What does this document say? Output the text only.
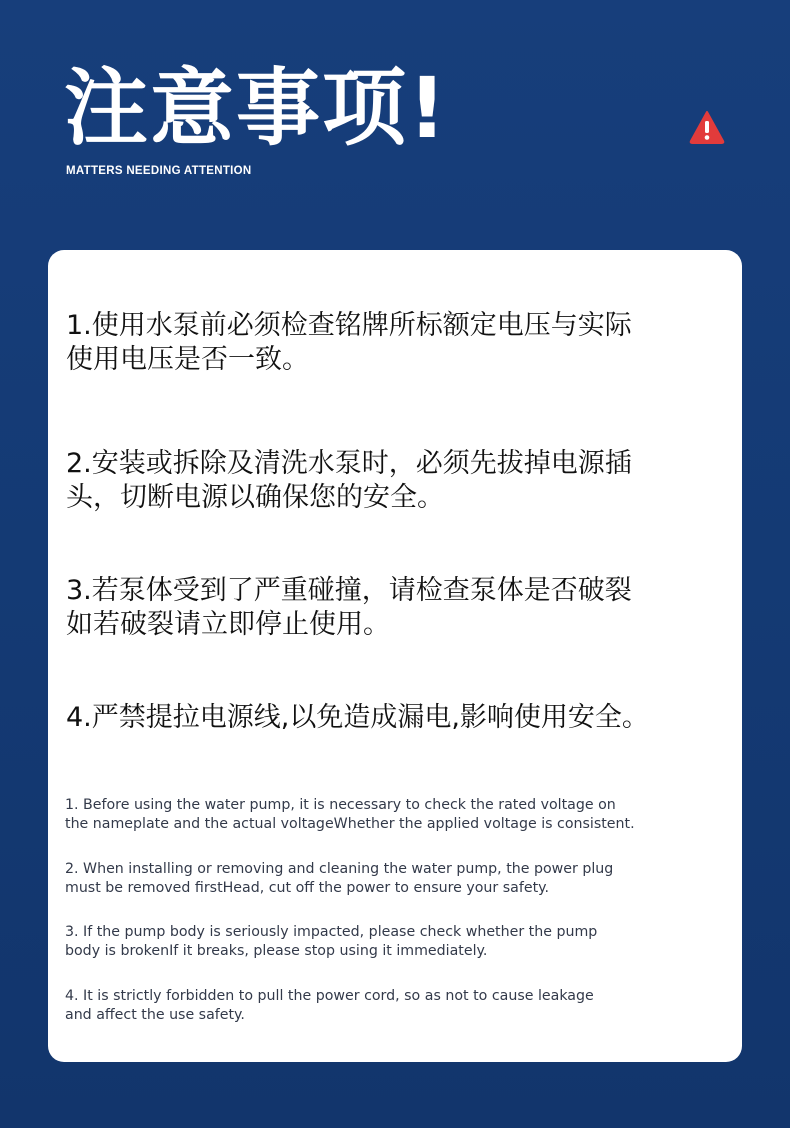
注意事项!
MATTERS NEEDING ATTENTION
1.使用水泵前必须检查铭牌所标额定电压与实际
使用电压是否一致。
2.安装或拆除及清洗水泵时，必须先拔掉电源插
头，切断电源以确保您的安全。
3.若泵体受到了严重碰撞，请检查泵体是否破裂
如若破裂请立即停止使用。
4.严禁提拉电源线,以免造成漏电,影响使用安全。
1. Before using the water pump, it is necessary to check the rated voltage on
the nameplate and the actual voltageWhether the applied voltage is consistent.
2. When installing or removing and cleaning the water pump, the power plug
must be removed firstHead, cut off the power to ensure your safety.
3. If the pump body is seriously impacted, please check whether the pump
body is brokenIf it breaks, please stop using it immediately.
4. It is strictly forbidden to pull the power cord, so as not to cause leakage
and affect the use safety.
